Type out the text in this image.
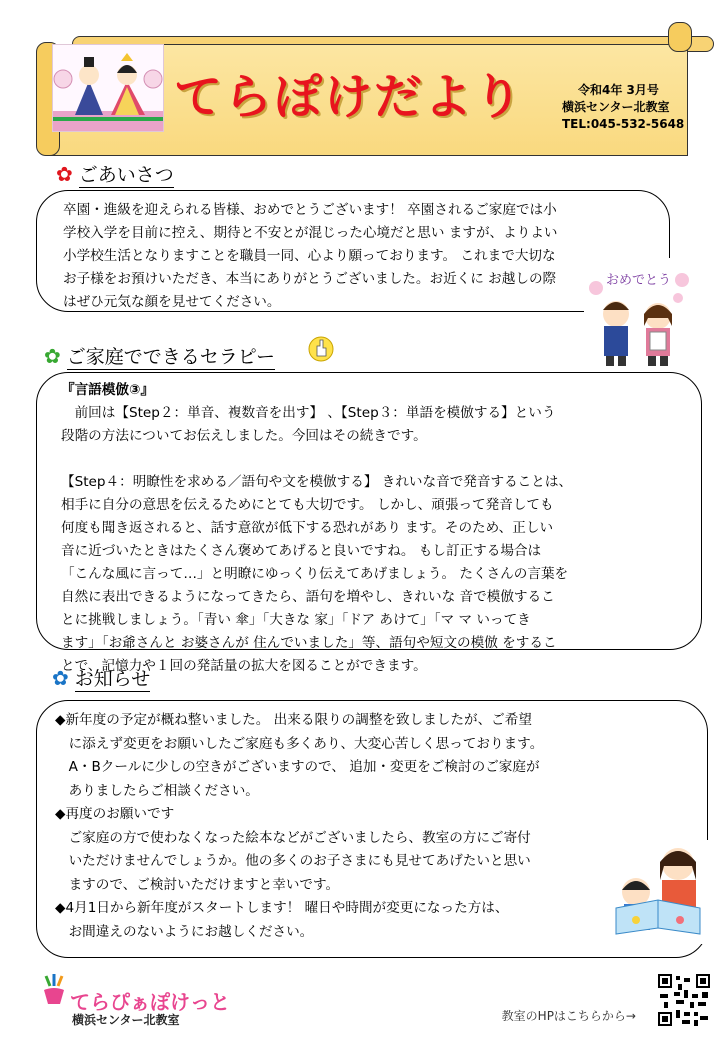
てらぽけだより	令和4年 3月号
横浜センター北教室
TEL:045-532-5648
✿ ごあいさつ

卒園・進級を迎えられる皆様、おめでとうございます！ 卒園されるご家庭では小

学校入学を目前に控え、期待と不安とが混じった心境だと思い ますが、よりよい

小学校生活となりますことを職員一同、心より願っております。 これまで大切な

お子様をお預けいただき、本当にありがとうございました。お近くに お越しの際

はぜひ元気な顔を見せてください。

おめでとう
✿ ご家庭でできるセラピー

『言語模倣③』

　前回は【Step２：単音、複数音を出す】 、【Step３：単語を模倣する】という

段階の方法についてお伝えしました。今回はその続きです。

【Step４：明瞭性を求める／語句や文を模倣する】 きれいな音で発音することは、

相手に自分の意思を伝えるためにとても大切です。 しかし、頑張って発音しても

何度も聞き返されると、話す意欲が低下する恐れがあり ます。そのため、正しい

音に近づいたときはたくさん褒めてあげると良いですね。 もし訂正する場合は

「こんな風に言って…」と明瞭にゆっくり伝えてあげましょう。 たくさんの言葉を

自然に表出できるようになってきたら、語句を増やし、きれいな 音で模倣するこ

とに挑戦しましょう。「青い 傘」「大きな 家」「ドア あけて」「マ マ いってき

ます」「お爺さんと お婆さんが 住んでいました」等、語句や短文の模倣 をするこ

とで、記憶力や１回の発話量の拡大を図ることができます。

✿ お知らせ

◆新年度の予定が概ね整いました。 出来る限りの調整を致しましたが、ご希望

　に添えず変更をお願いしたご家庭も多くあり、大変心苦しく思っております。

　A・Bクールに少しの空きがございますので、 追加・変更をご検討のご家庭が

　ありましたらご相談ください。

◆再度のお願いです

　ご家庭の方で使わなくなった絵本などがございましたら、教室の方にご寄付

　いただけませんでしょうか。他の多くのお子さまにも見せてあげたいと思い

　ますので、ご検討いただけますと幸いです。

◆4月1日から新年度がスタートします！ 曜日や時間が変更になった方は、

　お間違えのないようにお越しください。

てらぴぁぽけっと
横浜センター北教室	教室のHPはこちらから→
